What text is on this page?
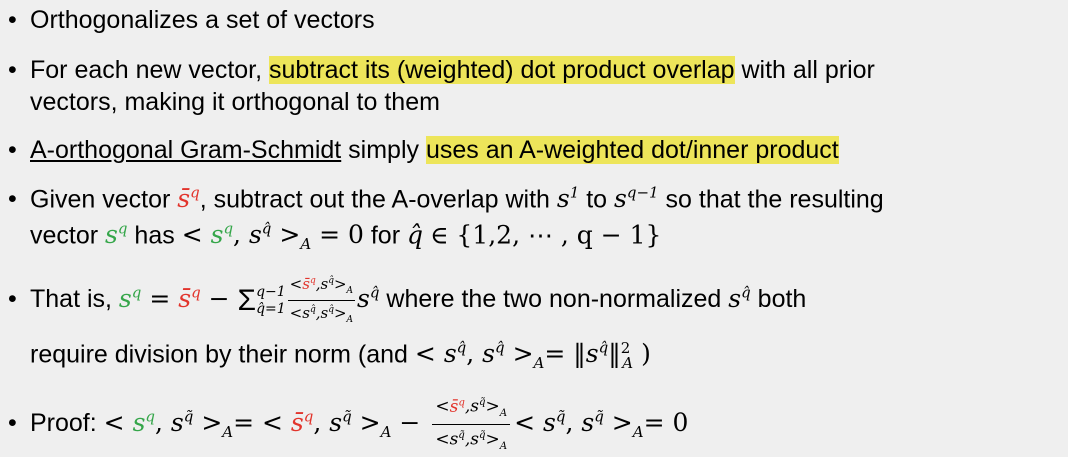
• Orthogonalizes a set of vectors
• For each new vector, subtract its (weighted) dot product overlap with all prior
vectors, making it orthogonal to them
• A-orthogonal Gram-Schmidt simply uses an A-weighted dot/inner product
• Given vector s̄$^q$, subtract out the A-overlap with $s^1$ to $s^{q-1}$ so that the resulting
vector $s^q$ has < $s^q$, $s^{q̂} >_A = 0$ for q̂ ∈ {1,2, ⋯ , q − 1}
• That is, $s^q$ = s̄$^q$ − Σ q−1
q̂=1 $\frac{<s̄^q,s^{q̂}>_A}{<s^{q̂},s^{q̂}>_A} s^{q̂}$ where the two non-normalized $s^{q̂}$ both
require division by their norm ($and < s^{q̂}$, $s^{q̂} >_A=$ $‖s^{q̂}‖^2_A$ )
• Proof: < $s^q$, $s^{q̃} >_A=$ < s̄$^q$, $s^{q̃} >_A - \frac{<s̄^q,s^{q̃}>_A}{<s^{q̃},s^{q̃}>_A} < s^{q̃}$, $s^{q̃} >_A= 0$
